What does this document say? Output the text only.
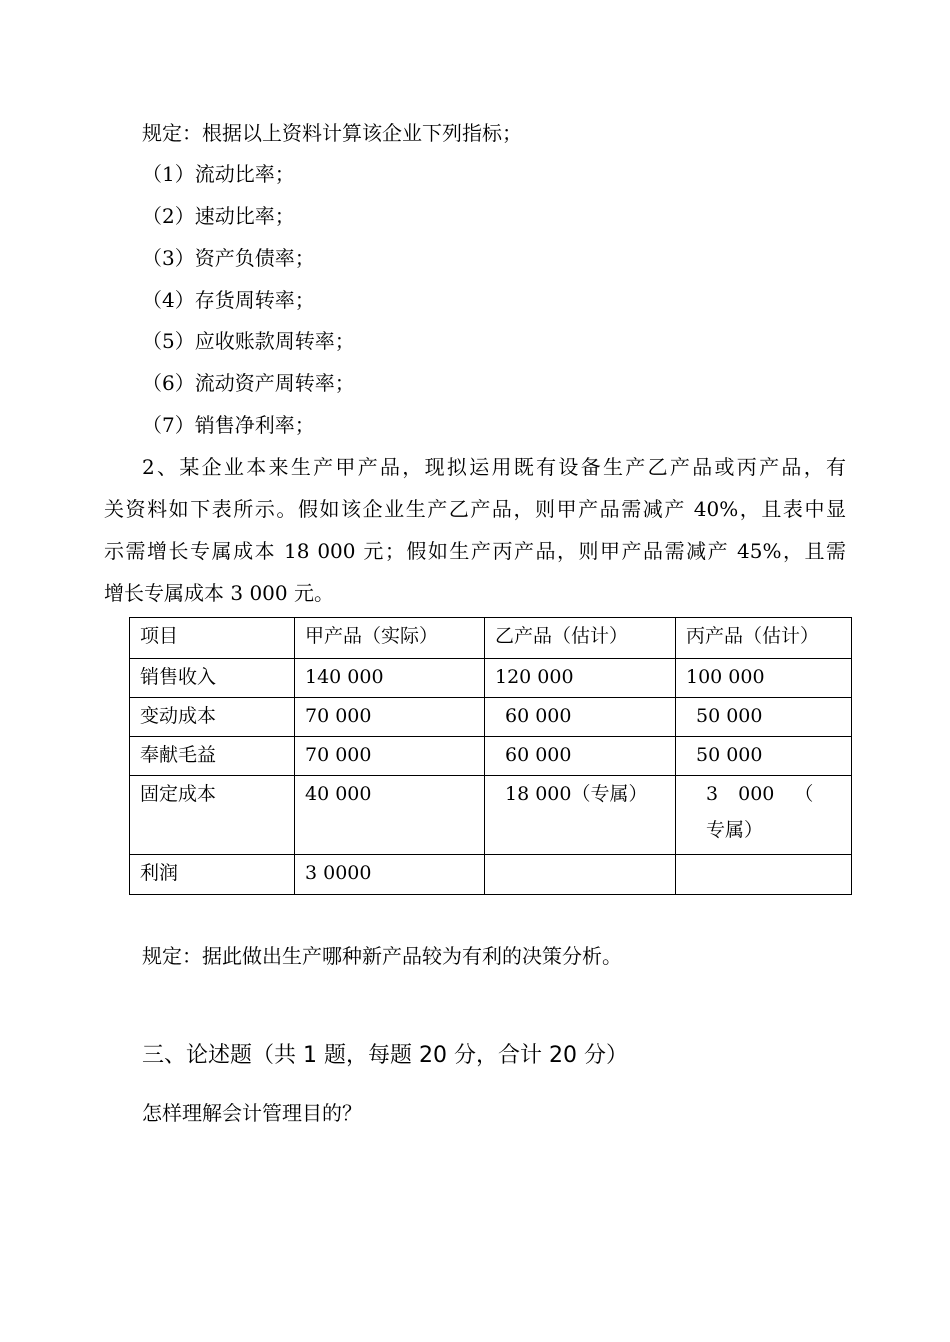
规定：根据以上资料计算该企业下列指标；
（1）流动比率；
（2）速动比率；
（3）资产负债率；
（4）存货周转率；
（5）应收账款周转率；
（6）流动资产周转率；
（7）销售净利率；
2、某企业本来生产甲产品，现拟运用既有设备生产乙产品或丙产品，有
关资料如下表所示。假如该企业生产乙产品，则甲产品需减产 40%，且表中显
示需增长专属成本 18 000 元；假如生产丙产品，则甲产品需减产 45%，且需
增长专属成本 3 000 元。
项目	甲产品（实际）	乙产品（估计）	丙产品（估计）
销售收入	140 000	120 000	100 000
变动成本	70 000	60 000	50 000
奉献毛益	70 000	60 000	50 000
固定成本	40 000	18 000（专属）	3 000 （ 专属）
利润	3 0000		
规定：据此做出生产哪种新产品较为有利的决策分析。
三、论述题（共 1 题，每题 20 分，合计 20 分）
怎样理解会计管理目的？
